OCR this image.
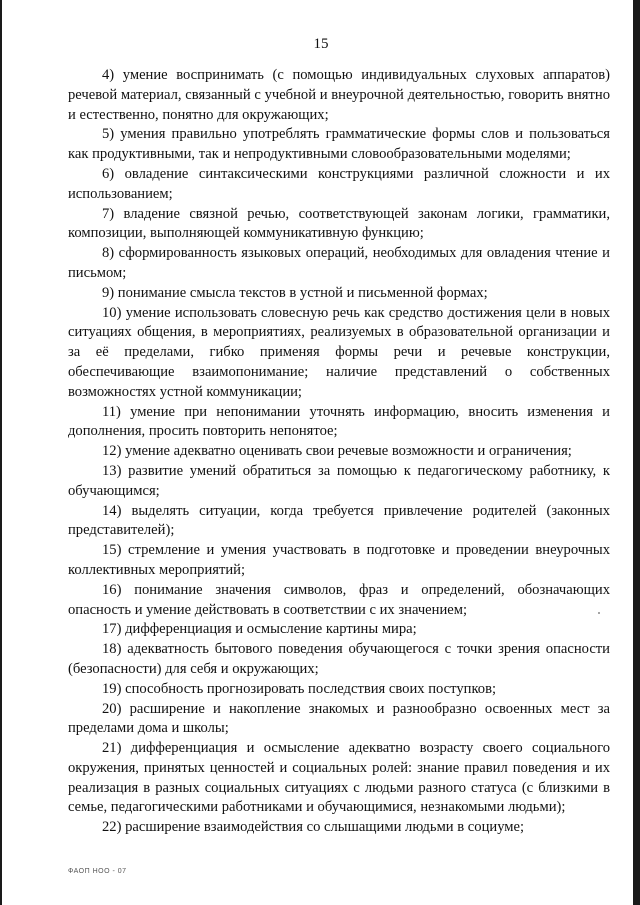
15

4) умение воспринимать (с помощью индивидуальных слуховых аппаратов) речевой материал, связанный с учебной и внеурочной деятельностью, говорить внятно и естественно, понятно для окружающих;

5) умения правильно употреблять грамматические формы слов и пользоваться как продуктивными, так и непродуктивными словообразовательными моделями;

6) овладение синтаксическими конструкциями различной сложности и их использованием;

7) владение связной речью, соответствующей законам логики, грамматики, композиции, выполняющей коммуникативную функцию;

8) сформированность языковых операций, необходимых для овладения чтение и письмом;

9) понимание смысла текстов в устной и письменной формах;

10) умение использовать словесную речь как средство достижения цели в новых ситуациях общения, в мероприятиях, реализуемых в образовательной организации и за её пределами, гибко применяя формы речи и речевые конструкции, обеспечивающие взаимопонимание; наличие представлений о собственных возможностях устной коммуникации;

11) умение при непонимании уточнять информацию, вносить изменения и дополнения, просить повторить непонятое;

12) умение адекватно оценивать свои речевые возможности и ограничения;

13) развитие умений обратиться за помощью к педагогическому работнику, к обучающимся;

14) выделять ситуации, когда требуется привлечение родителей (законных представителей);

15) стремление и умения участвовать в подготовке и проведении внеурочных коллективных мероприятий;

16) понимание значения символов, фраз и определений, обозначающих опасность и умение действовать в соответствии с их значением;

17) дифференциация и осмысление картины мира;

18) адекватность бытового поведения обучающегося с точки зрения опасности (безопасности) для себя и окружающих;

19) способность прогнозировать последствия своих поступков;

20) расширение и накопление знакомых и разнообразно освоенных мест за пределами дома и школы;

21) дифференциация и осмысление адекватно возрасту своего социального окружения, принятых ценностей и социальных ролей: знание правил поведения и их реализация в разных социальных ситуациях с людьми разного статуса (с близкими в семье, педагогическими работниками и обучающимися, незнакомыми людьми);

22) расширение взаимодействия со слышащими людьми в социуме;

ФАОП НОО - 07
